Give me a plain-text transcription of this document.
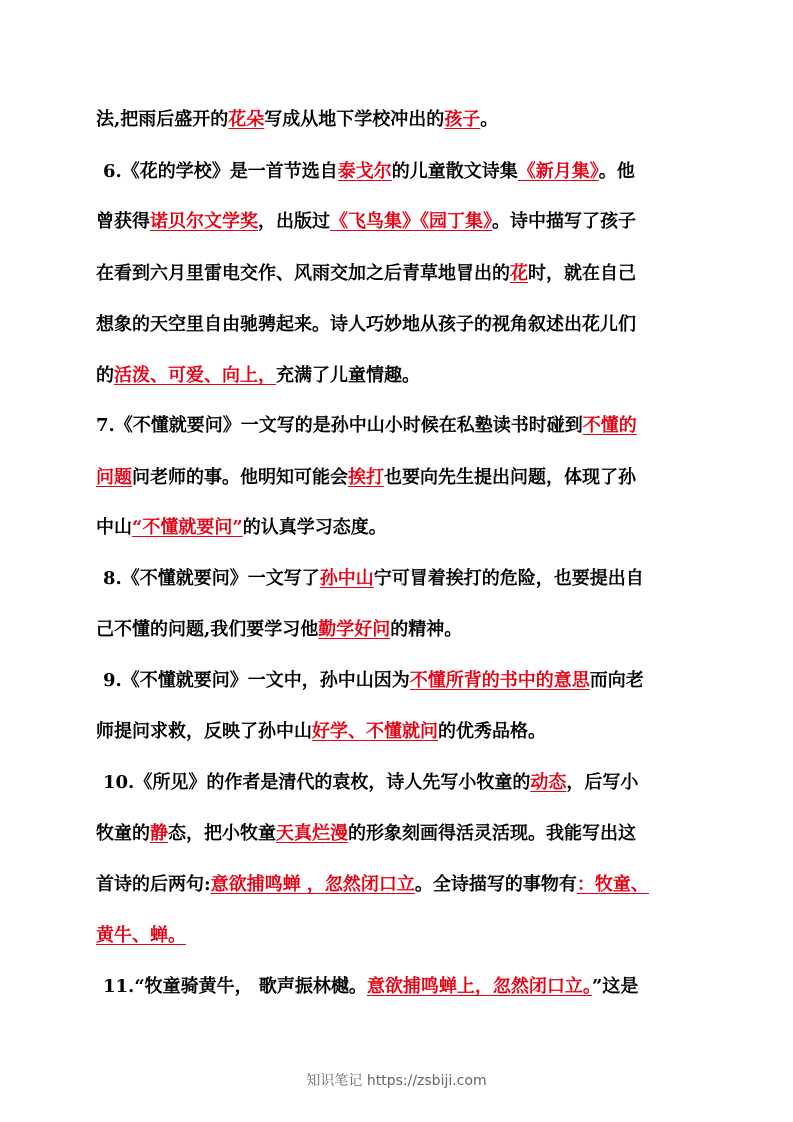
知识笔记 https://zsbiji.com
法,把雨后盛开的花朵写成从地下学校冲出的孩子。
6.《花的学校》是一首节选自泰戈尔的儿童散文诗集《新月集》。他
曾获得诺贝尔文学奖，出版过《飞鸟集》《园丁集》。诗中描写了孩子
在看到六月里雷电交作、风雨交加之后青草地冒出的花时，就在自己
想象的天空里自由驰骋起来。诗人巧妙地从孩子的视角叙述出花儿们
的活泼、可爱、向上，充满了儿童情趣。
7.《不懂就要问》一文写的是孙中山小时候在私塾读书时碰到不懂的
问题问老师的事。他明知可能会挨打也要向先生提出问题，体现了孙
中山“不懂就要问”的认真学习态度。
8.《不懂就要问》一文写了孙中山宁可冒着挨打的危险，也要提出自
己不懂的问题,我们要学习他勤学好问的精神。
9.《不懂就要问》一文中，孙中山因为不懂所背的书中的意思而向老
师提问求救，反映了孙中山好学、不懂就问的优秀品格。
10.《所见》的作者是清代的袁枚，诗人先写小牧童的动态，后写小
牧童的静态，把小牧童天真烂漫的形象刻画得活灵活现。我能写出这
首诗的后两句:意欲捕鸣蝉 ，忽然闭口立。全诗描写的事物有：牧童、
黄牛、蝉。
11.“牧童骑黄牛， 歌声振林樾。意欲捕鸣蝉上，忽然闭口立。”这是
